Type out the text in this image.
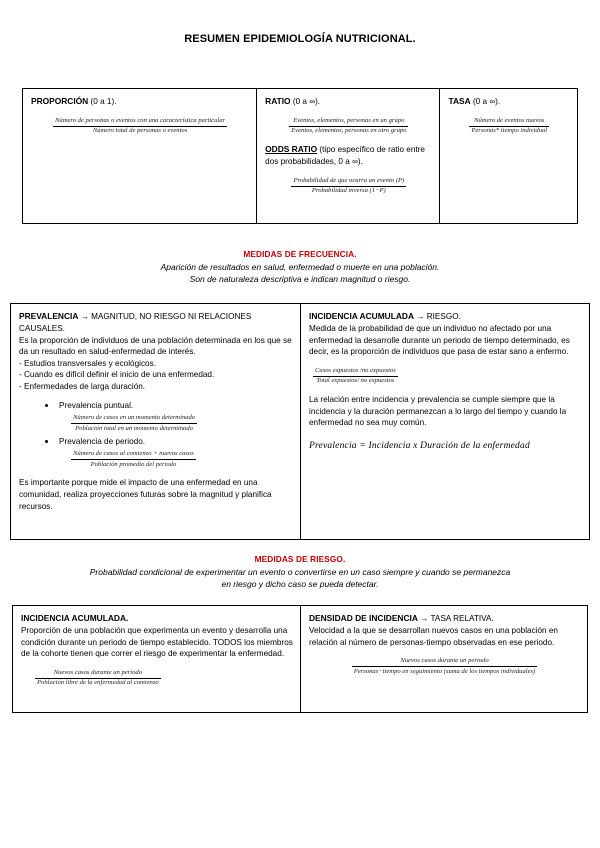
RESUMEN EPIDEMIOLOGÍA NUTRICIONAL.
PROPORCIÓN (0 a 1).
Número de personas o eventos con una característica particular
Número total de personas o eventos
RATIO (0 a ∞).
Eventos, elementos, personas en un grupo
Eventos, elementos, personas en otro grupo
ODDS RATIO (tipo específico de ratio entre dos probabilidades, 0 a ∞).
Probabilidad de que ocurra un evento (P)
Probabilidad inversa (1−P)
TASA (0 a ∞).
Número de eventos nuevos
Personas* tiempo individual
MEDIDAS DE FRECUENCIA.
Aparición de resultados en salud, enfermedad o muerte en una población.
Son de naturaleza descriptiva e indican magnitud o riesgo.
PREVALENCIA → MAGNITUD, NO RIESGO NI RELACIONES CAUSALES.
Es la proporción de individuos de una población determinada en los que se da un resultado en salud-enfermedad de interés.
- Estudios transversales y ecológicos.
- Cuando es difícil definir el inicio de una enfermedad.
- Enfermedades de larga duración.
Prevalencia puntual.
Número de casos en un momento determinado
Población total en un momento determinado
Prevalencia de periodo.
Número de casos al comienzo + nuevos casos
Población promedio del periodo
Es importante porque mide el impacto de una enfermedad en una comunidad, realiza proyecciones futuras sobre la magnitud y planifica recursos.
INCIDENCIA ACUMULADA → RIESGO.
Medida de la probabilidad de que un individuo no afectado por una enfermedad la desarrolle durante un periodo de tiempo determinado, es decir, es la proporción de individuos que pasa de estar sano a enfermo.
Casos expuestos /no expuestos
Total expuestos/ no expuestos
La relación entre incidencia y prevalencia se cumple siempre que la incidencia y la duración permanezcan a lo largo del tiempo y cuando la enfermedad no sea muy común.
Prevalencia = Incidencia x Duración de la enfermedad
MEDIDAS DE RIESGO.
Probabilidad condicional de experimentar un evento o convertirse en un caso siempre y cuando se permanezca
en riesgo y dicho caso se pueda detectar.
INCIDENCIA ACUMULADA.
Proporción de una población que experimenta un evento y desarrolla una condición durante un periodo de tiempo establecido. TODOS los miembros de la cohorte tienen que correr el riesgo de experimentar la enfermedad.
Nuevos casos durante un periodo
Población libre de la enfermedad al comienzo
DENSIDAD DE INCIDENCIA → TASA RELATIVA.
Velocidad a la que se desarrollan nuevos casos en una población en relación al número de personas-tiempo observadas en ese periodo.
Nuevos casos durante un periodo
Personas−tiempo en seguimiento (suma de los tiempos individuales)
